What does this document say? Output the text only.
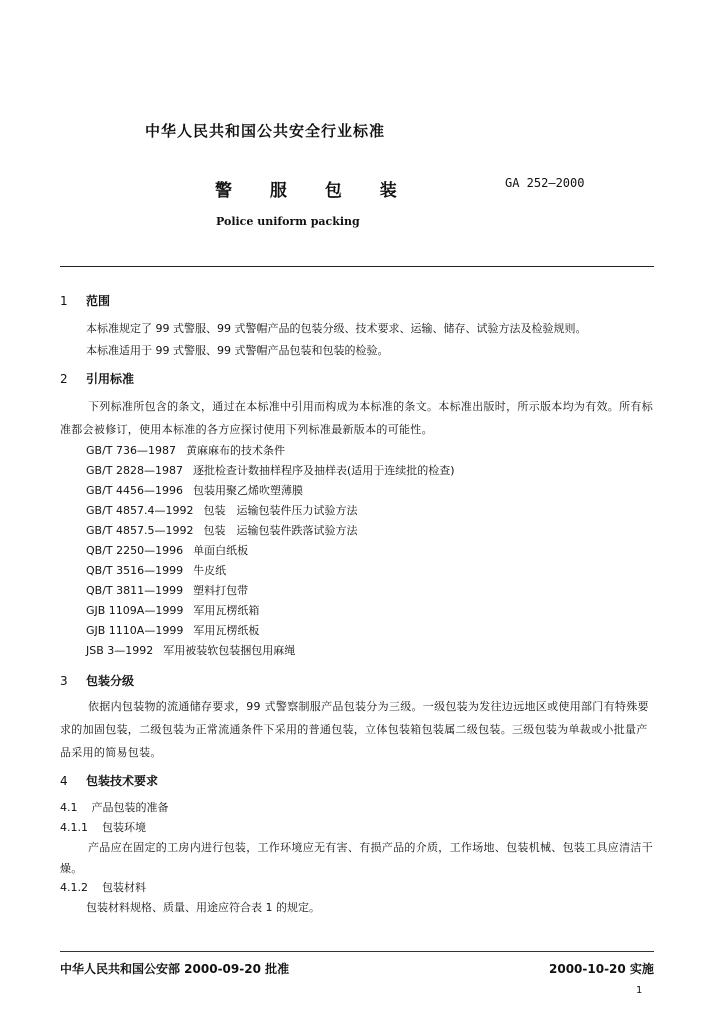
中华人民共和国公共安全行业标准
警 服 包 装	GA 252—2000
Police uniform packing
1 范围
本标准规定了 99 式警服、99 式警帽产品的包装分级、技术要求、运输、储存、试验方法及检验规则。
本标准适用于 99 式警服、99 式警帽产品包装和包装的检验。
2 引用标准
下列标准所包含的条文，通过在本标准中引用而构成为本标准的条文。本标准出版时，所示版本均为有效。所有标准都会被修订，使用本标准的各方应探讨使用下列标准最新版本的可能性。
GB/T 736—1987 黄麻麻布的技术条件
GB/T 2828—1987 逐批检查计数抽样程序及抽样表(适用于连续批的检查)
GB/T 4456—1996 包装用聚乙烯吹塑薄膜
GB/T 4857.4—1992 包装　运输包装件压力试验方法
GB/T 4857.5—1992 包装　运输包装件跌落试验方法
QB/T 2250—1996 单面白纸板
QB/T 3516—1999 牛皮纸
QB/T 3811—1999 塑料打包带
GJB 1109A—1999 军用瓦楞纸箱
GJB 1110A—1999 军用瓦楞纸板
JSB 3—1992 军用被装软包装捆包用麻绳
3 包装分级
依据内包装物的流通储存要求，99 式警察制服产品包装分为三级。一级包装为发往边远地区或使用部门有特殊要求的加固包装，二级包装为正常流通条件下采用的普通包装，立体包装箱包装属二级包装。三级包装为单裁或小批量产品采用的简易包装。
4 包装技术要求
4.1 产品包装的准备
4.1.1 包装环境
产品应在固定的工房内进行包装，工作环境应无有害、有损产品的介质，工作场地、包装机械、包装工具应清洁干燥。
4.1.2 包装材料
包装材料规格、质量、用途应符合表 1 的规定。
中华人民共和国公安部 2000-09-20 批准	2000-10-20 实施
1
